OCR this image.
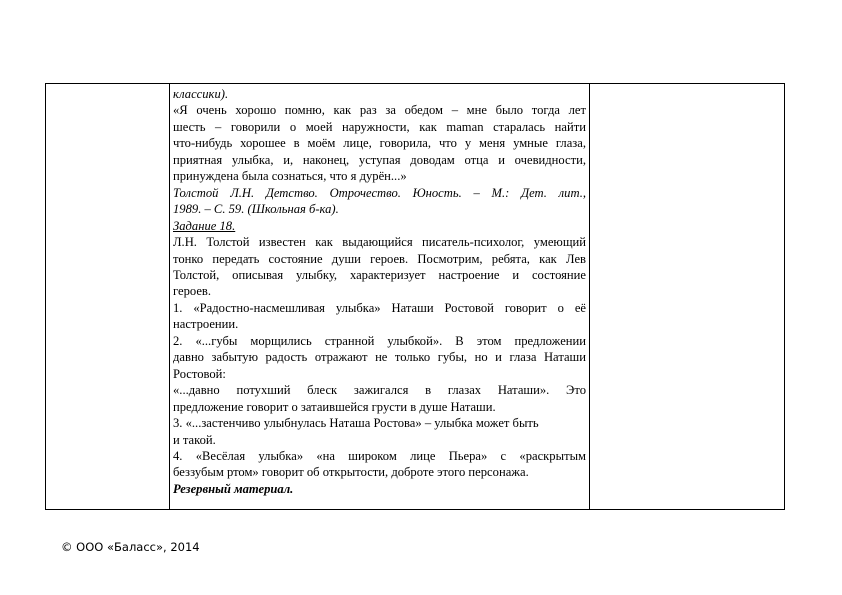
классики).
«Я очень хорошо помню, как раз за обедом – мне было тогда лет
шесть – говорили о моей наружности, как maman старалась найти
что-нибудь хорошее в моём лице, говорила, что у меня умные глаза,
приятная улыбка, и, наконец, уступая доводам отца и очевидности,
принуждена была сознаться, что я дурён...»
Толстой Л.Н. Детство. Отрочество. Юность. – М.: Дет. лит.,
1989. – С. 59. (Школьная б-ка).
Задание 18.
Л.Н. Толстой известен как выдающийся писатель-психолог, умеющий
тонко передать состояние души героев. Посмотрим, ребята, как Лев
Толстой, описывая улыбку, характеризует настроение и состояние
героев.
1. «Радостно-насмешливая улыбка» Наташи Ростовой говорит о её
настроении.
2. «...губы морщились странной улыбкой». В этом предложении
давно забытую радость отражают не только губы, но и глаза Наташи
Ростовой:
«...давно потухший блеск зажигался в глазах Наташи». Это
предложение говорит о затаившейся грусти в душе Наташи.
3. «...застенчиво улыбнулась Наташа Ростова» – улыбка может быть
и такой.
4. «Весёлая улыбка» «на широком лице Пьера» с «раскрытым
беззубым ртом» говорит об открытости, доброте этого персонажа.
Резервный материал.
© ООО «Баласс», 2014
